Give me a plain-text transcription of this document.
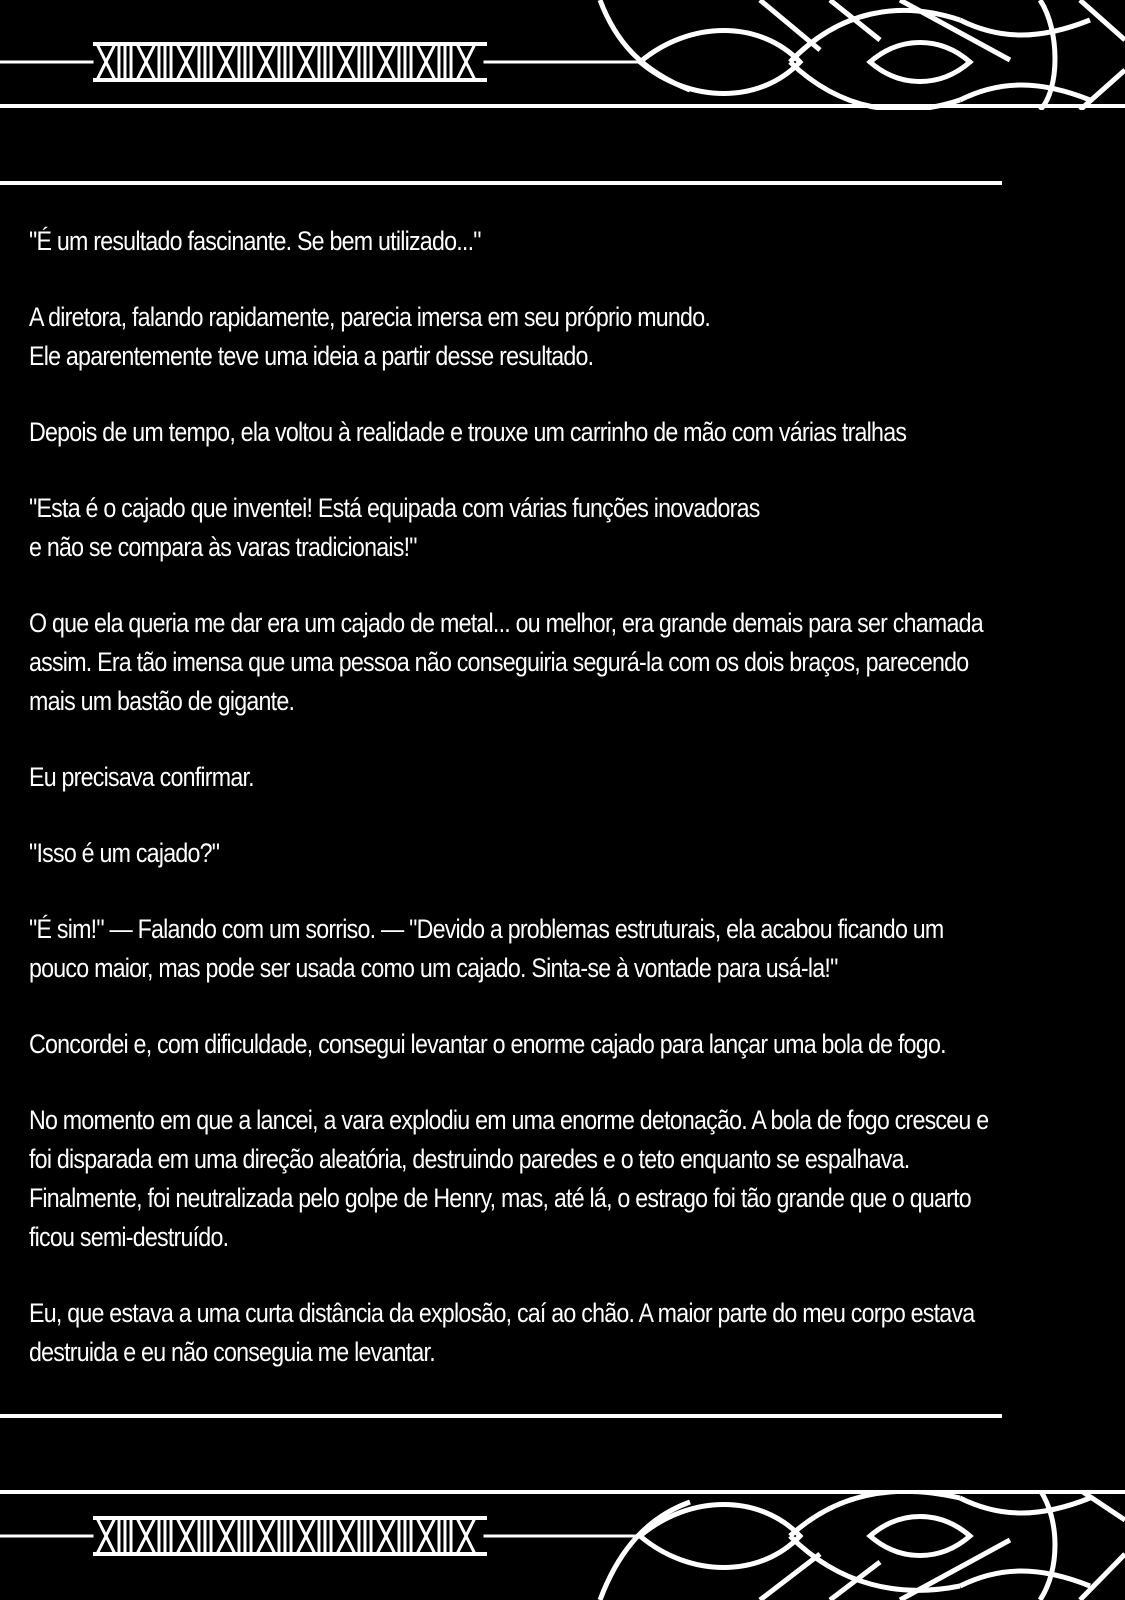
"É um resultado fascinante. Se bem utilizado..."

A diretora, falando rapidamente, parecia imersa em seu próprio mundo.
Ele aparentemente teve uma ideia a partir desse resultado.

Depois de um tempo, ela voltou à realidade e trouxe um carrinho de mão com várias tralhas

"Esta é o cajado que inventei! Está equipada com várias funções inovadoras
e não se compara às varas tradicionais!"

O que ela queria me dar era um cajado de metal... ou melhor, era grande demais para ser chamada
assim. Era tão imensa que uma pessoa não conseguiria segurá-la com os dois braços, parecendo
mais um bastão de gigante.

Eu precisava confirmar.

"Isso é um cajado?"

"É sim!" — Falando com um sorriso. — "Devido a problemas estruturais, ela acabou ficando um
pouco maior, mas pode ser usada como um cajado. Sinta-se à vontade para usá-la!"

Concordei e, com dificuldade, consegui levantar o enorme cajado para lançar uma bola de fogo.

No momento em que a lancei, a vara explodiu em uma enorme detonação. A bola de fogo cresceu e
foi disparada em uma direção aleatória, destruindo paredes e o teto enquanto se espalhava.
Finalmente, foi neutralizada pelo golpe de Henry, mas, até lá, o estrago foi tão grande que o quarto
ficou semi-destruído.

Eu, que estava a uma curta distância da explosão, caí ao chão. A maior parte do meu corpo estava
destruida e eu não conseguia me levantar.
